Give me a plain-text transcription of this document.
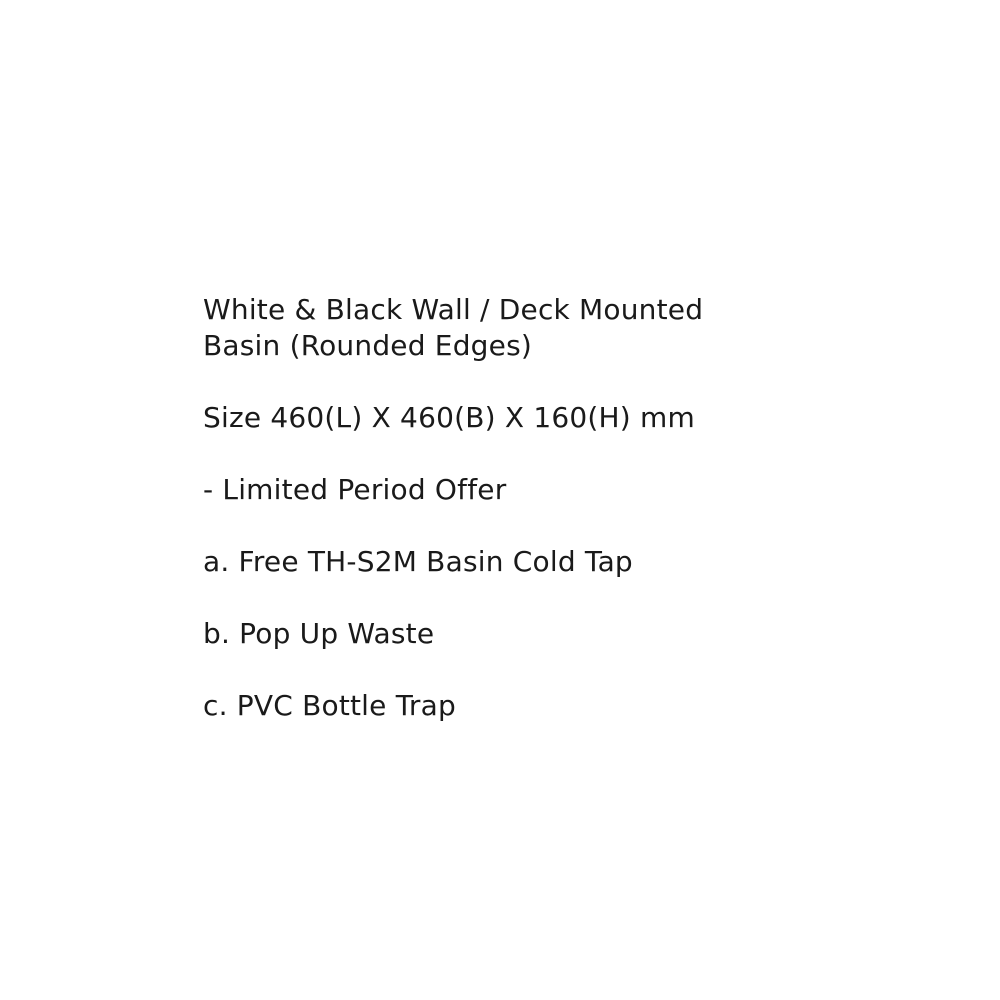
White & Black Wall / Deck Mounted
Basin (Rounded Edges)
Size 460(L) X 460(B) X 160(H) mm
- Limited Period Offer
a. Free TH-S2M Basin Cold Tap
b. Pop Up Waste
c. PVC Bottle Trap
